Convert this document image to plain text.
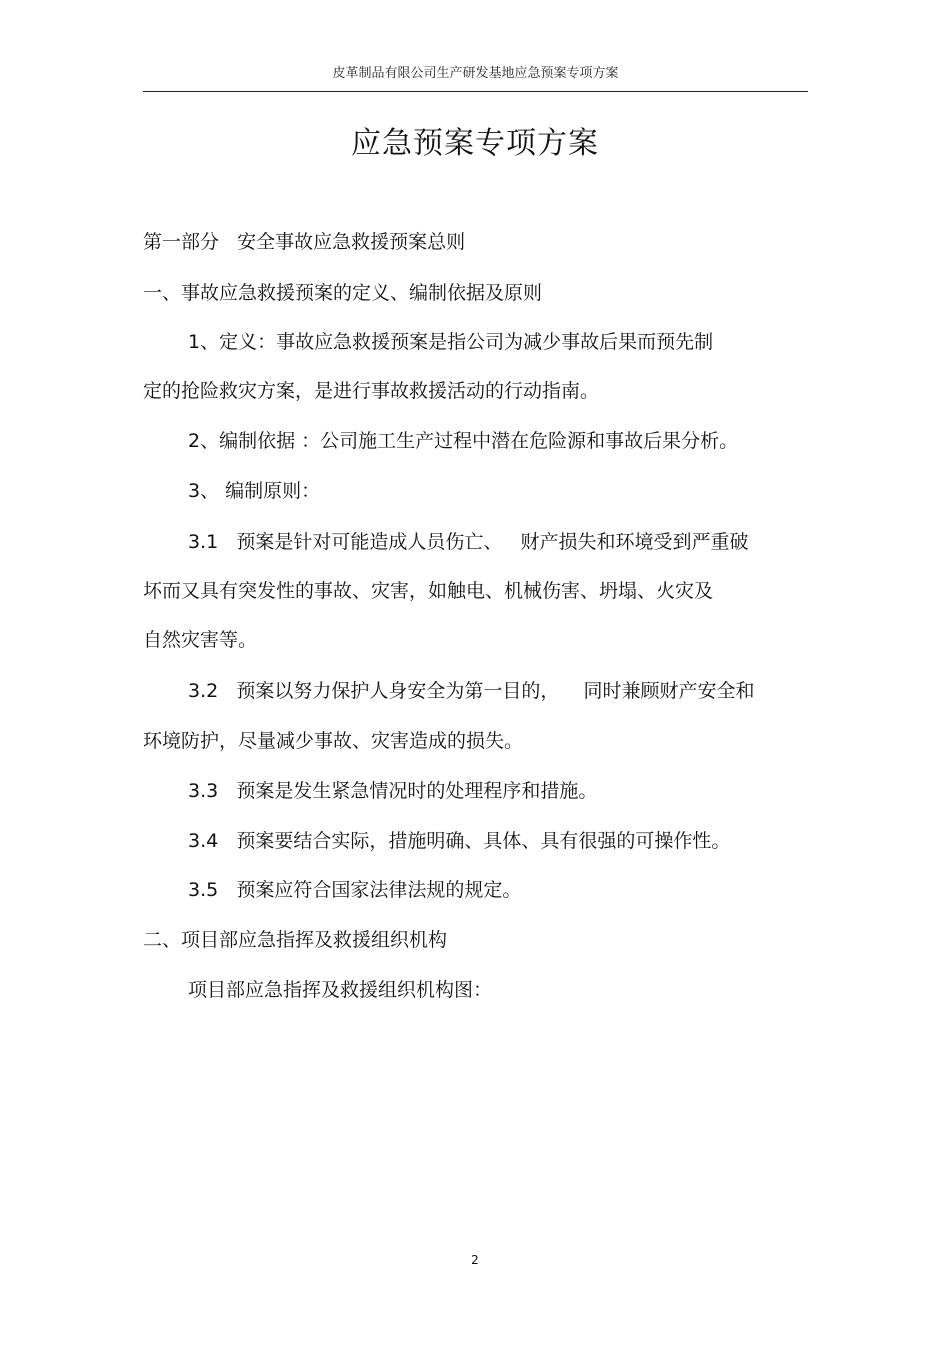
皮革制品有限公司生产研发基地应急预案专项方案
应急预案专项方案
第一部分   安全事故应急救援预案总则
一、事故应急救援预案的定义、编制依据及原则
1、定义：事故应急救援预案是指公司为减少事故后果而预先制
定的抢险救灾方案，是进行事故救援活动的行动指南。
2、编制依据 ：公司施工生产过程中潜在危险源和事故后果分析。
3、 编制原则：
3.1   预案是针对可能造成人员伤亡、   财产损失和环境受到严重破
坏而又具有突发性的事故、灾害，如触电、机械伤害、坍塌、火灾及
自然灾害等。
3.2   预案以努力保护人身安全为第一目的，    同时兼顾财产安全和
环境防护，尽量减少事故、灾害造成的损失。
3.3   预案是发生紧急情况时的处理程序和措施。
3.4   预案要结合实际，措施明确、具体、具有很强的可操作性。
3.5   预案应符合国家法律法规的规定。
二、项目部应急指挥及救援组织机构
项目部应急指挥及救援组织机构图：
2
